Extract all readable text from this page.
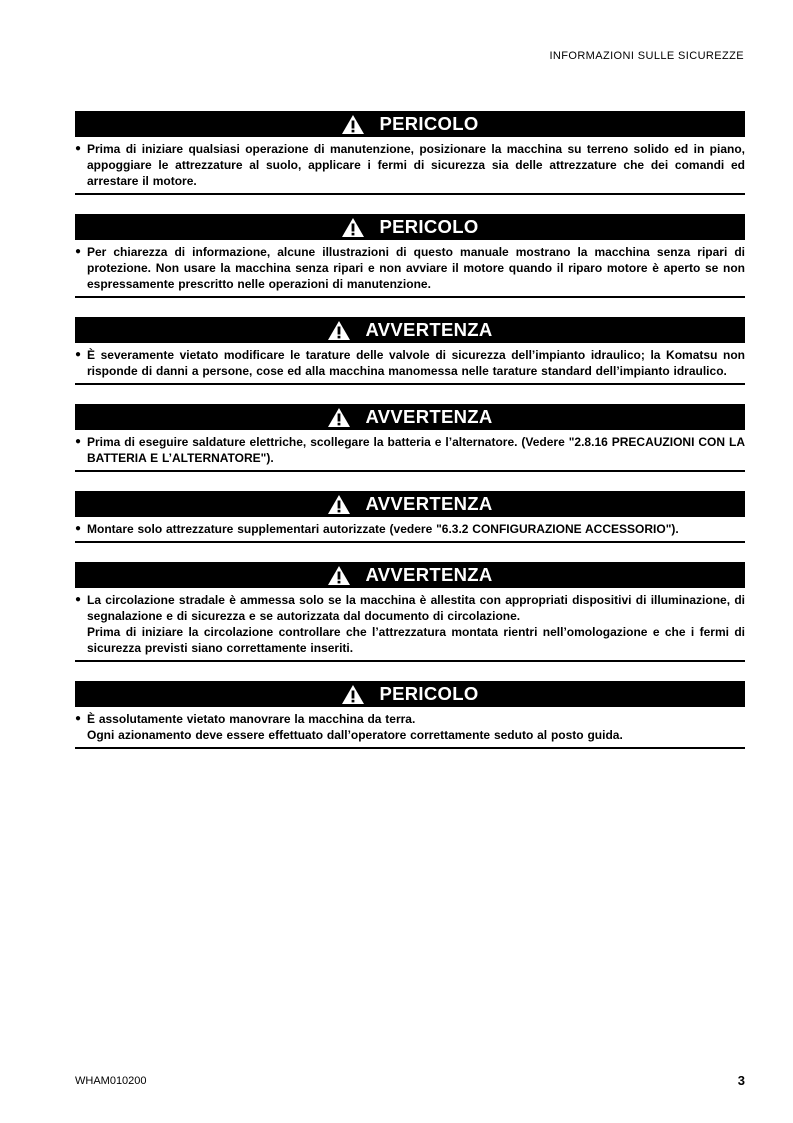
INFORMAZIONI SULLE SICUREZZE
PERICOLO
● Prima di iniziare qualsiasi operazione di manutenzione, posizionare la macchina su terreno solido ed in piano, appoggiare le attrezzature al suolo, applicare i fermi di sicurezza sia delle attrezzature che dei comandi ed arrestare il motore.
PERICOLO
● Per chiarezza di informazione, alcune illustrazioni di questo manuale mostrano la macchina senza ripari di protezione. Non usare la macchina senza ripari e non avviare il motore quando il riparo motore è aperto se non espressamente prescritto nelle operazioni di manutenzione.
AVVERTENZA
● È severamente vietato modificare le tarature delle valvole di sicurezza dell’impianto idraulico; la Komatsu non risponde di danni a persone, cose ed alla macchina manomessa nelle tarature standard dell’impianto idraulico.
AVVERTENZA
● Prima di eseguire saldature elettriche, scollegare la batteria e l’alternatore. (Vedere "2.8.16 PRECAUZIONI CON LA BATTERIA E L’ALTERNATORE").
AVVERTENZA
● Montare solo attrezzature supplementari autorizzate (vedere "6.3.2 CONFIGURAZIONE ACCESSORIO").
AVVERTENZA
● La circolazione stradale è ammessa solo se la macchina è allestita con appropriati dispositivi di illuminazione, di segnalazione e di sicurezza e se autorizzata dal documento di circolazione.
Prima di iniziare la circolazione controllare che l’attrezzatura montata rientri nell’omologazione e che i fermi di sicurezza previsti siano correttamente inseriti.
PERICOLO
● È assolutamente vietato manovrare la macchina da terra.
Ogni azionamento deve essere effettuato dall’operatore correttamente seduto al posto guida.
WHAM010200	3
